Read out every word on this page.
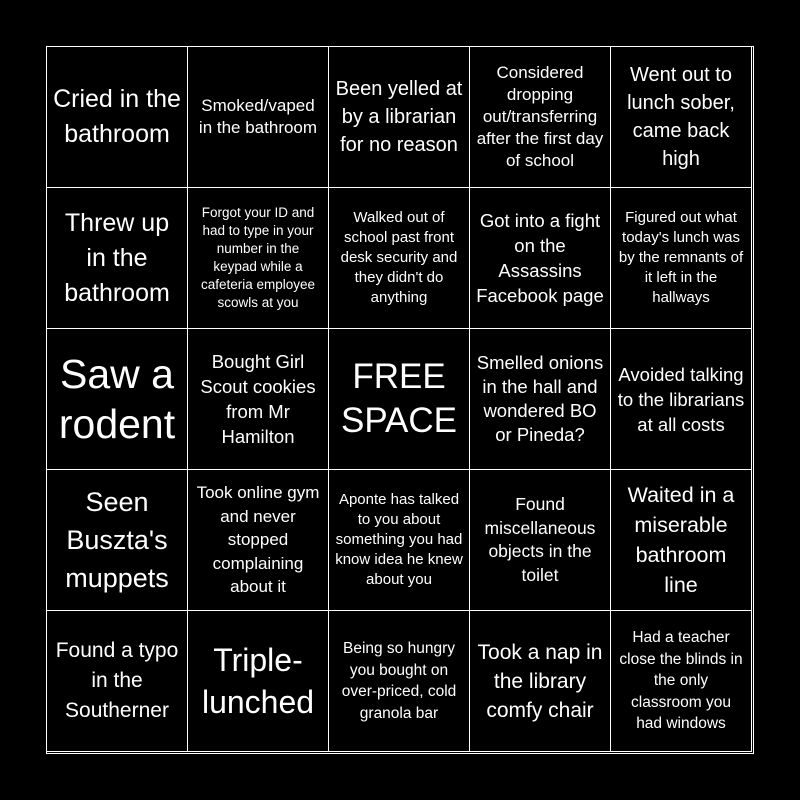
Cried in the bathroom
Smoked/vaped in the bathroom
Been yelled at by a librarian for no reason
Considered dropping out/transferring after the first day of school
Went out to lunch sober, came back high
Threw up in the bathroom
Forgot your ID and had to type in your number in the keypad while a cafeteria employee scowls at you
Walked out of school past front desk security and they didn't do anything
Got into a fight on the Assassins Facebook page
Figured out what today's lunch was by the remnants of it left in the hallways
Saw a rodent
Bought Girl Scout cookies from Mr Hamilton
FREE SPACE
Smelled onions in the hall and wondered BO or Pineda?
Avoided talking to the librarians at all costs
Seen Buszta's muppets
Took online gym and never stopped complaining about it
Aponte has talked to you about something you had know idea he knew about you
Found miscellaneous objects in the toilet
Waited in a miserable bathroom line
Found a typo in the Southerner
Triple-lunched
Being so hungry you bought on over-priced, cold granola bar
Took a nap in the library comfy chair
Had a teacher close the blinds in the only classroom you had windows
